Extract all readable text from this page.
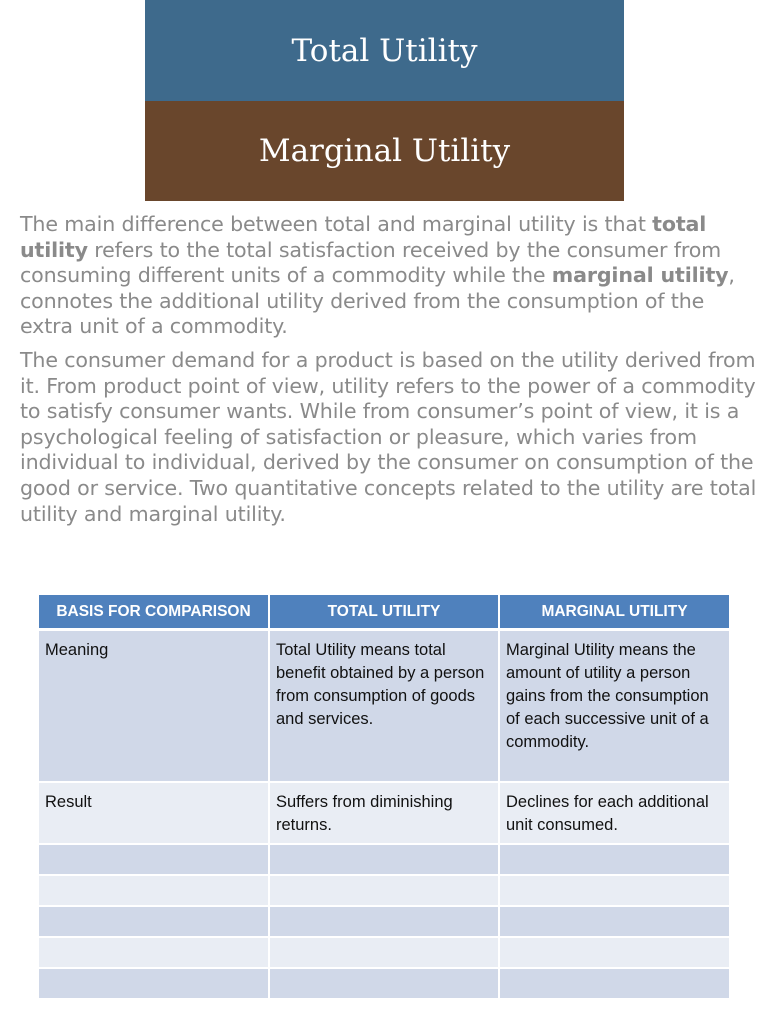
Total Utility
Marginal Utility

The main difference between total and marginal utility is that total utility refers to the total satisfaction received by the consumer from consuming different units of a commodity while the marginal utility, connotes the additional utility derived from the consumption of the extra unit of a commodity.

The consumer demand for a product is based on the utility derived from it. From product point of view, utility refers to the power of a commodity to satisfy consumer wants. While from consumer’s point of view, it is a psychological feeling of satisfaction or pleasure, which varies from individual to individual, derived by the consumer on consumption of the good or service. Two quantitative concepts related to the utility are total utility and marginal utility.

BASIS FOR COMPARISON	TOTAL UTILITY	MARGINAL UTILITY
Meaning	Total Utility means total benefit obtained by a person from consumption of goods and services.	Marginal Utility means the amount of utility a person gains from the consumption of each successive unit of a commodity.
Result	Suffers from diminishing returns.	Declines for each additional unit consumed.
